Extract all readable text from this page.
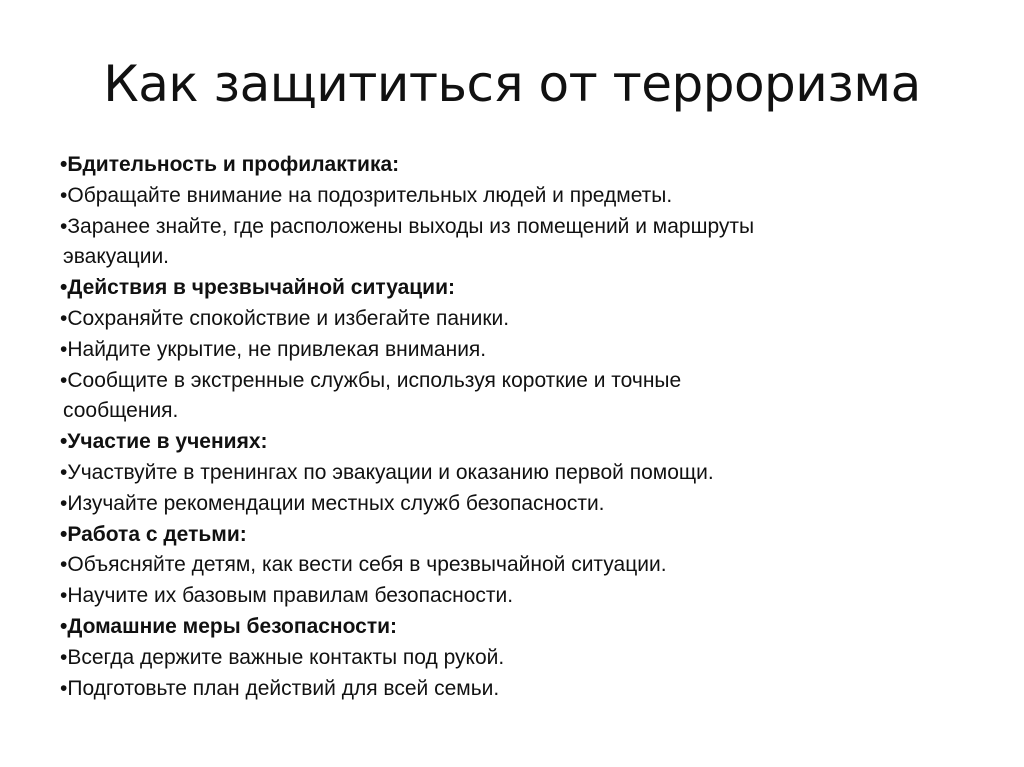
Как защититься от терроризма
•Бдительность и профилактика:
•Обращайте внимание на подозрительных людей и предметы.
•Заранее знайте, где расположены выходы из помещений и маршруты
эвакуации.
•Действия в чрезвычайной ситуации:
•Сохраняйте спокойствие и избегайте паники.
•Найдите укрытие, не привлекая внимания.
•Сообщите в экстренные службы, используя короткие и точные
сообщения.
•Участие в учениях:
•Участвуйте в тренингах по эвакуации и оказанию первой помощи.
•Изучайте рекомендации местных служб безопасности.
•Работа с детьми:
•Объясняйте детям, как вести себя в чрезвычайной ситуации.
•Научите их базовым правилам безопасности.
•Домашние меры безопасности:
•Всегда держите важные контакты под рукой.
•Подготовьте план действий для всей семьи.
